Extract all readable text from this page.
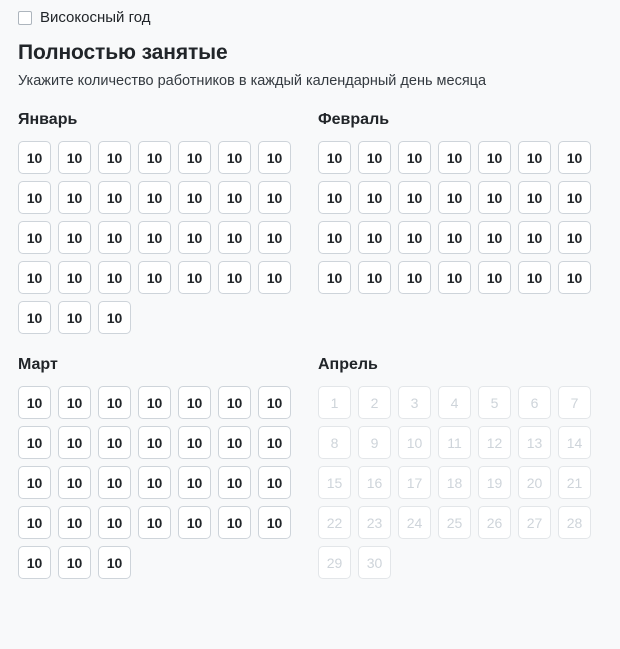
Високосный год
Полностью занятые

Укажите количество работников в каждый календарный день месяца

Январь
10	10	10	10	10	10	10
10	10	10	10	10	10	10
10	10	10	10	10	10	10
10	10	10	10	10	10	10
10	10	10
Февраль
10	10	10	10	10	10	10
10	10	10	10	10	10	10
10	10	10	10	10	10	10
10	10	10	10	10	10	10
Март
10	10	10	10	10	10	10
10	10	10	10	10	10	10
10	10	10	10	10	10	10
10	10	10	10	10	10	10
10	10	10
Апрель
1	2	3	4	5	6	7
8	9	10	11	12	13	14
15	16	17	18	19	20	21
22	23	24	25	26	27	28
29	30
